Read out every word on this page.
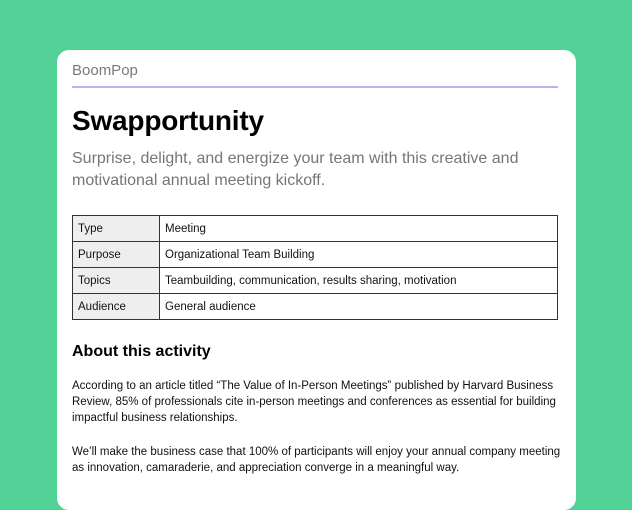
BoomPop
Swapportunity

Surprise, delight, and energize your team with this creative and motivational annual meeting kickoff.

Type	Meeting
Purpose	Organizational Team Building
Topics	Teambuilding, communication, results sharing, motivation
Audience	General audience
About this activity

According to an article titled “The Value of In-Person Meetings” published by Harvard Business Review, 85% of professionals cite in-person meetings and conferences as essential for building impactful business relationships.

We’ll make the business case that 100% of participants will enjoy your annual company meeting as innovation, camaraderie, and appreciation converge in a meaningful way.
